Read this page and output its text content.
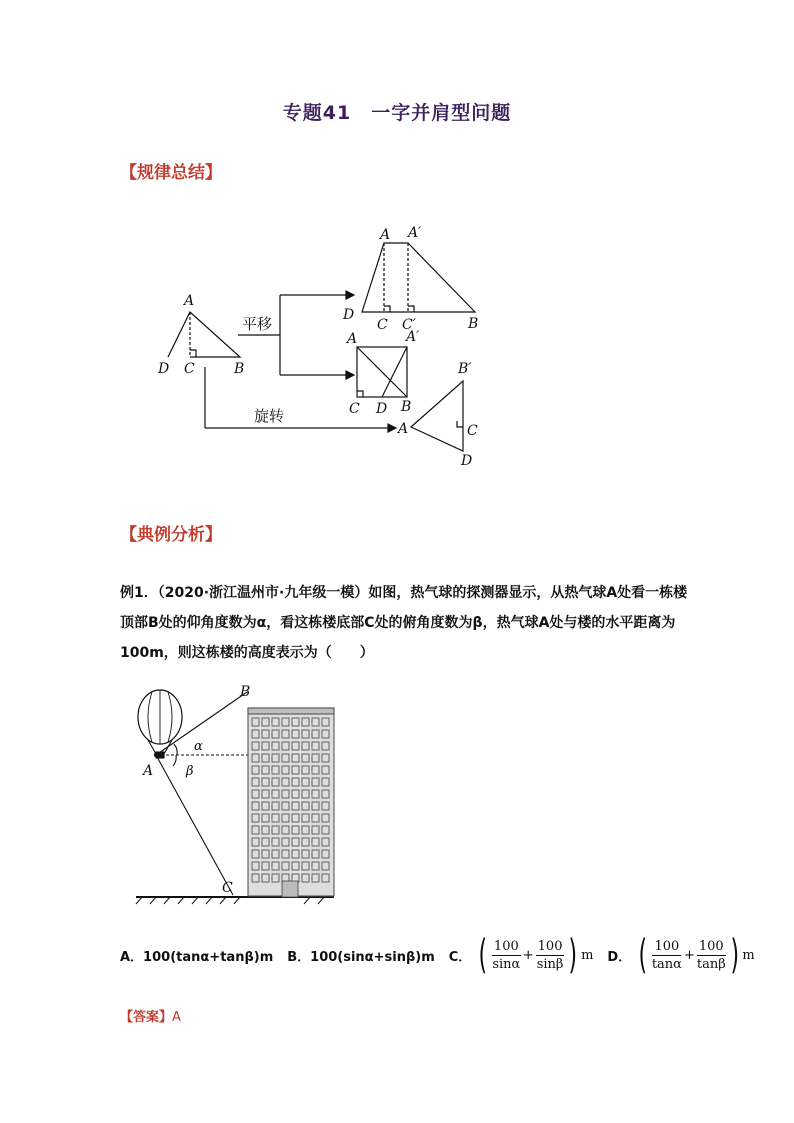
专题41　一字并肩型问题
【规律总结】
A
D C	B
平移
旋转
A A′
D
C C′	B
A	A′
C D B
B′
A	C
D
【典例分析】
例1．（2020·浙江温州市·九年级一模）如图，热气球的探测器显示，从热气球A处看一栋楼顶部B处的仰角度数为α，看这栋楼底部C处的俯角度数为β，热气球A处与楼的水平距离为100m，则这栋楼的高度表示为（　　）
B
A
C
α
β
A．100(tanα+tanβ)m B．100(sinα+sinβ)m C． ( $\frac{100}{\sin\alpha} + \frac{100}{\sin\beta}$ ) m D． ( $\frac{100}{\tan\alpha} + \frac{100}{\tan\beta}$ ) m
【答案】A
